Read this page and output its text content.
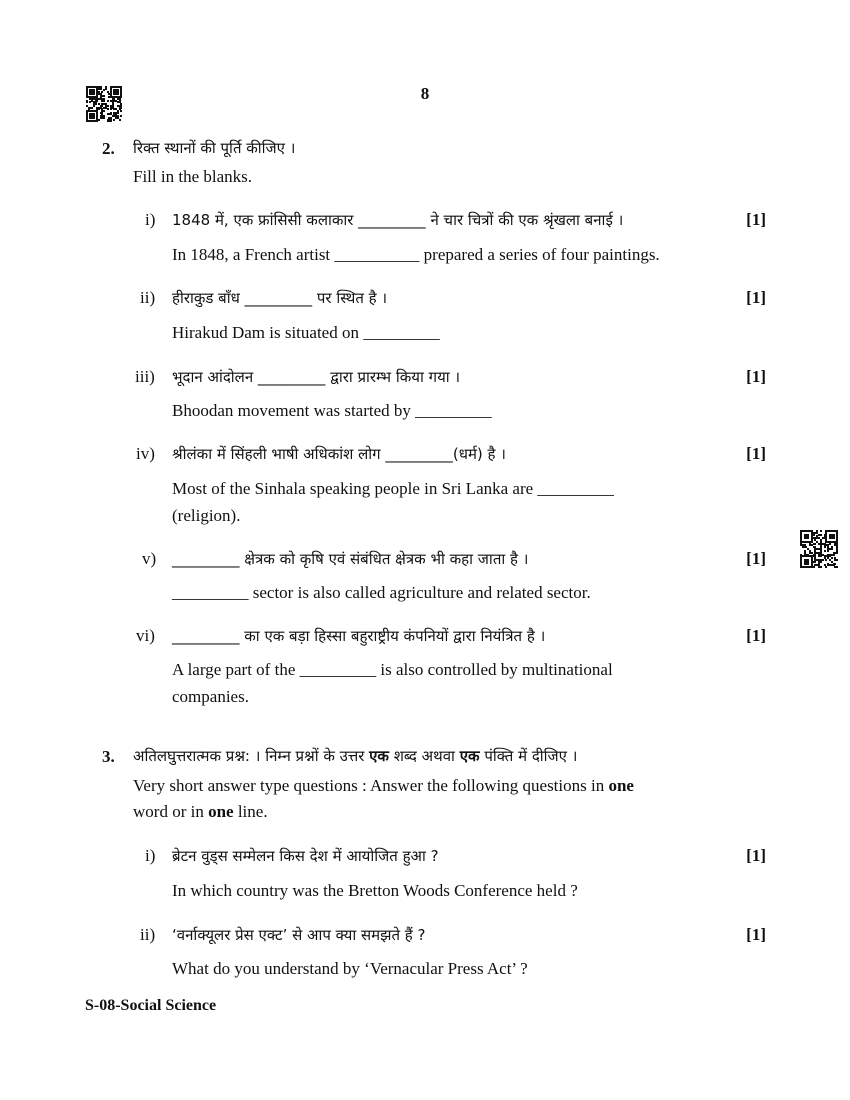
8
2. रिक्त स्थानों की पूर्ति कीजिए ।
Fill in the blanks.
i) 1848 में, एक फ्रांसिसी कलाकार _________ ने चार चित्रों की एक श्रृंखला बनाई ।	[1]
In 1848, a French artist __________ prepared a series of four paintings.
ii) हीराकुड बाँध _________ पर स्थित है ।	[1]
Hirakud Dam is situated on _________
iii) भूदान आंदोलन _________ द्वारा प्रारम्भ किया गया ।	[1]
Bhoodan movement was started by _________
iv) श्रीलंका में सिंहली भाषी अधिकांश लोग _________(धर्म) है ।	[1]
Most of the Sinhala speaking people in Sri Lanka are _________
(religion).
v) _________ क्षेत्रक को कृषि एवं संबंधित क्षेत्रक भी कहा जाता है ।	[1]
_________ sector is also called agriculture and related sector.
vi) _________ का एक बड़ा हिस्सा बहुराष्ट्रीय कंपनियों द्वारा नियंत्रित है ।	[1]
A large part of the _________ is also controlled by multinational
companies.
3. अतिलघुत्तरात्मक प्रश्न: । निम्न प्रश्नों के उत्तर एक शब्द अथवा एक पंक्ति में दीजिए ।
Very short answer type questions : Answer the following questions in one
word or in one line.
i) ब्रेटन वुड्स सम्मेलन किस देश में आयोजित हुआ ?	[1]
In which country was the Bretton Woods Conference held ?
ii) ‘वर्नाक्यूलर प्रेस एक्ट’ से आप क्या समझते हैं ?	[1]
What do you understand by ‘Vernacular Press Act’ ?
S-08-Social Science
